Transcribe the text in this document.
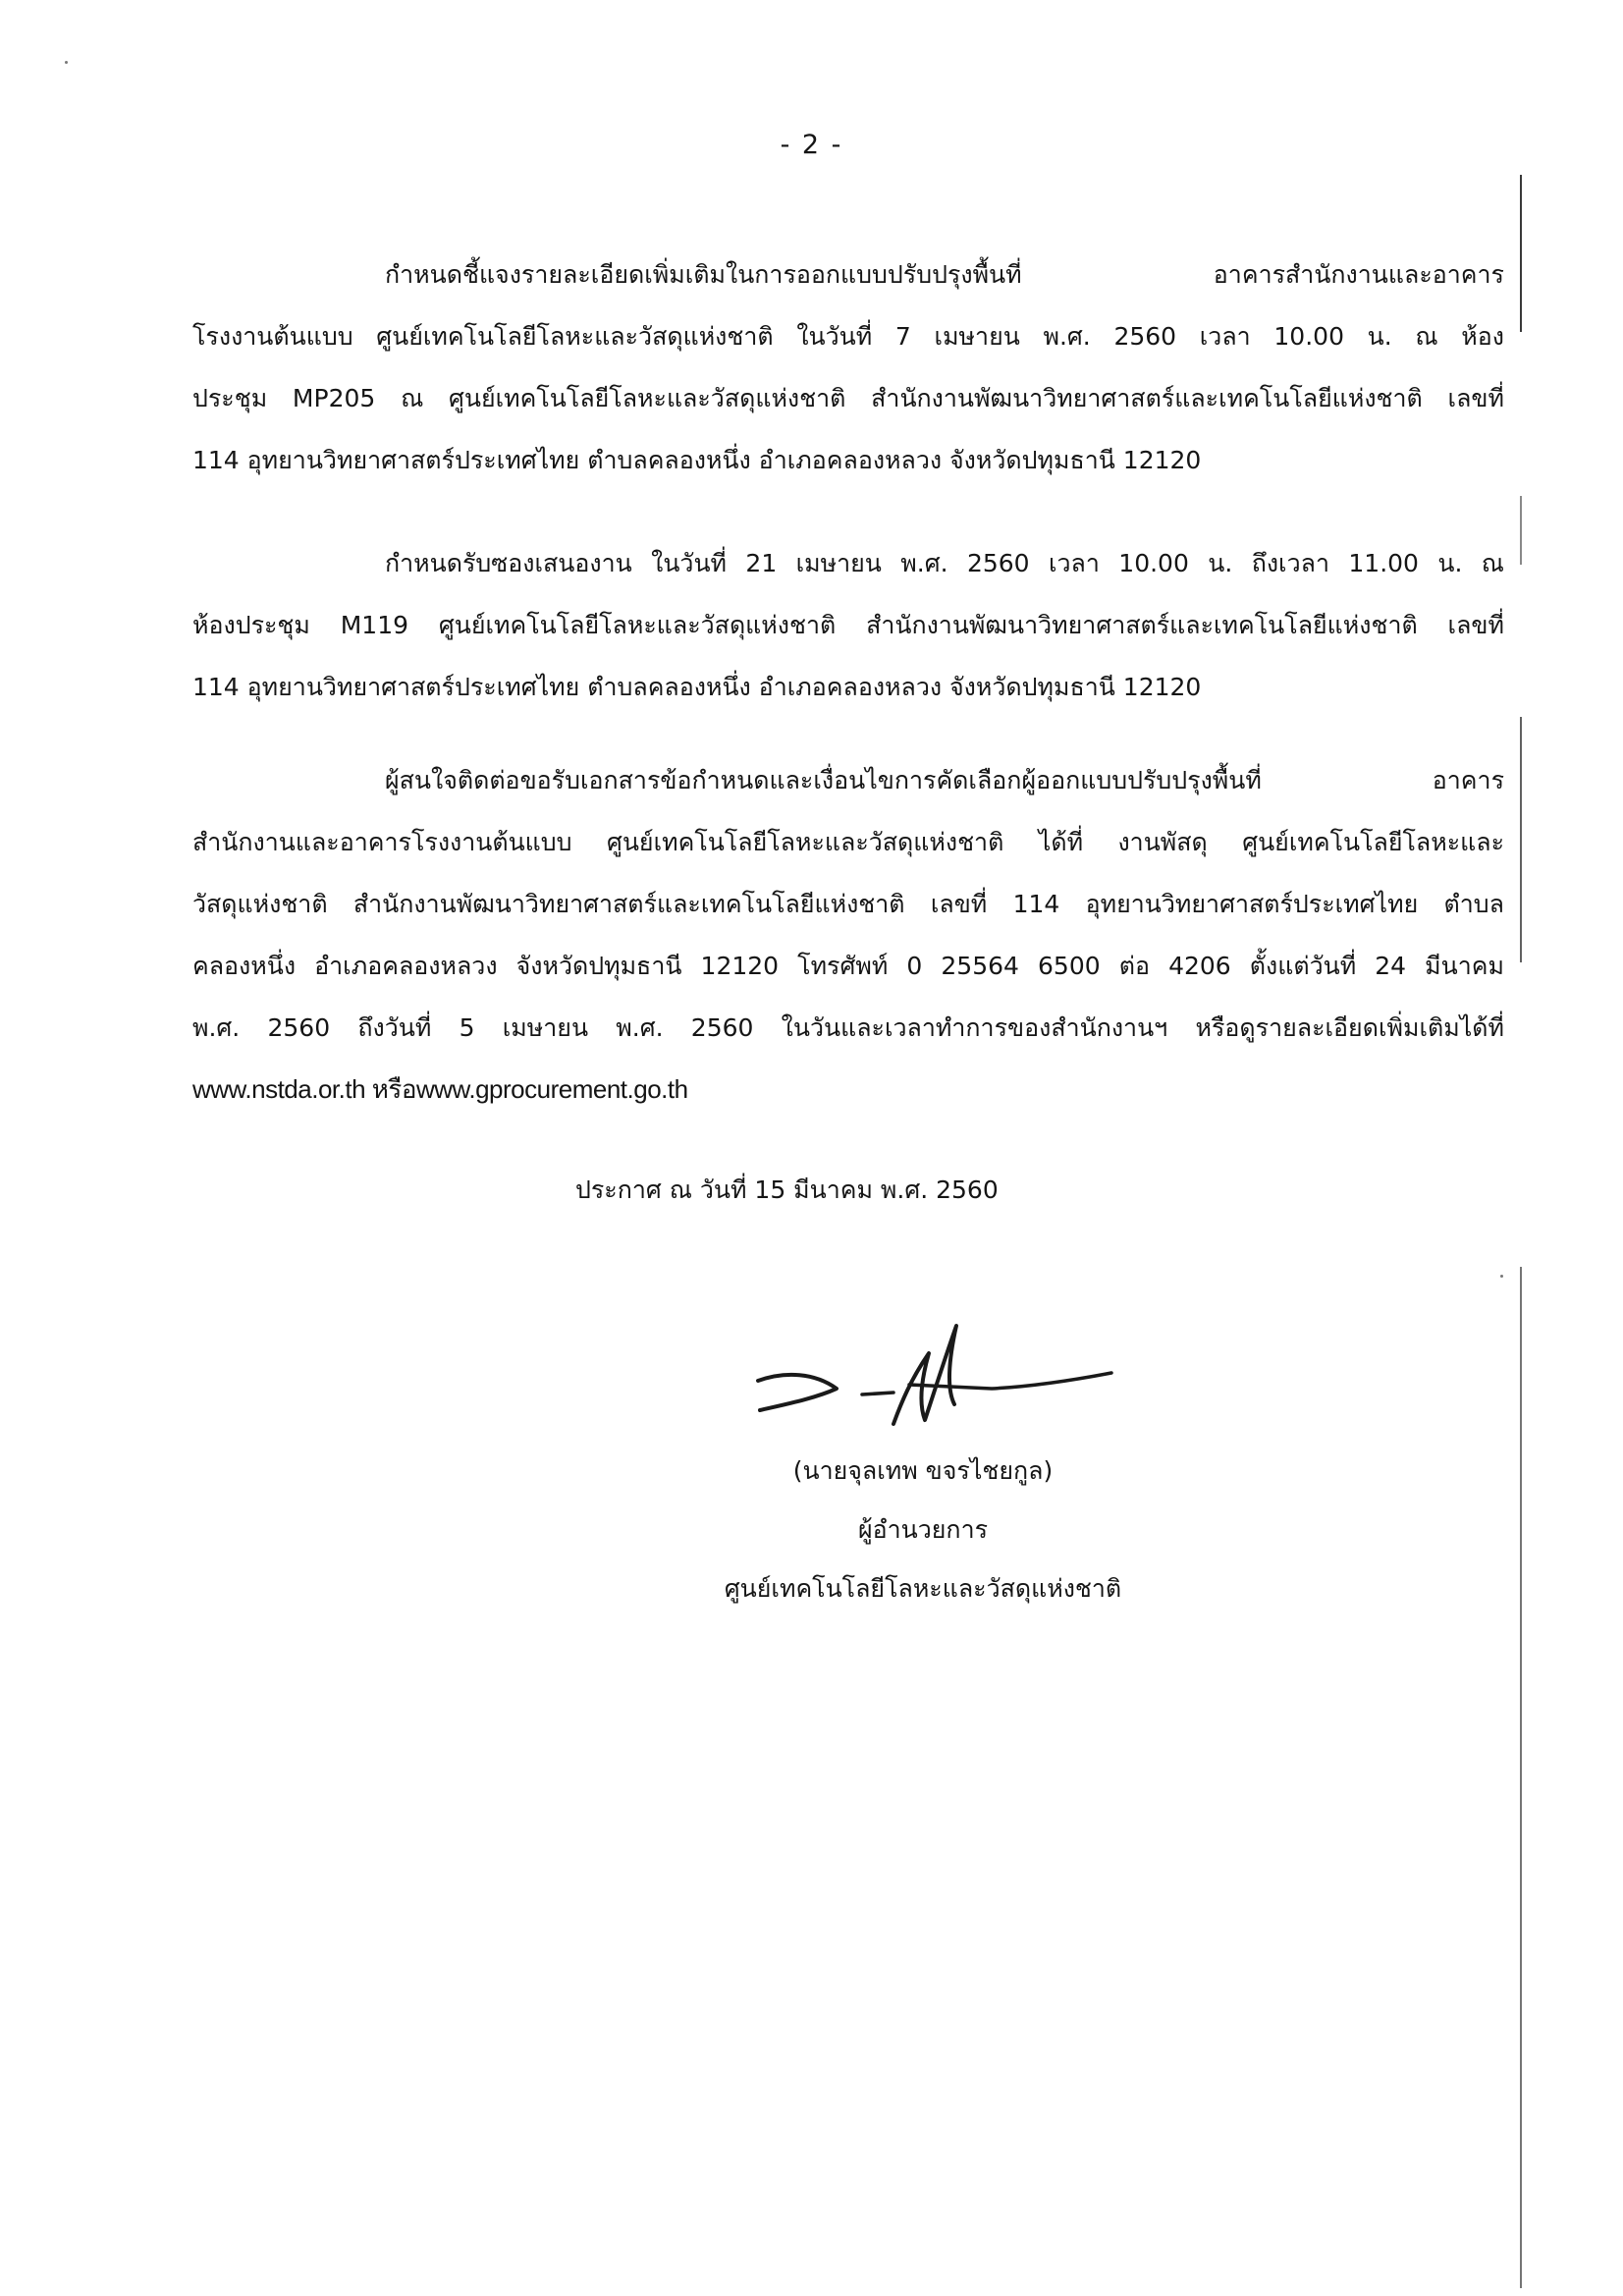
- 2 -
กำหนดชี้แจงรายละเอียดเพิ่มเติมในการออกแบบปรับปรุงพื้นที่ อาคารสำนักงานและอาคาร
โรงงานต้นแบบ ศูนย์เทคโนโลยีโลหะและวัสดุแห่งชาติ ในวันที่ 7 เมษายน พ.ศ. 2560 เวลา 10.00 น. ณ ห้อง
ประชุม MP205 ณ ศูนย์เทคโนโลยีโลหะและวัสดุแห่งชาติ สำนักงานพัฒนาวิทยาศาสตร์และเทคโนโลยีแห่งชาติ เลขที่
114 อุทยานวิทยาศาสตร์ประเทศไทย ตำบลคลองหนึ่ง อำเภอคลองหลวง จังหวัดปทุมธานี 12120
กำหนดรับซองเสนองาน ในวันที่ 21 เมษายน พ.ศ. 2560 เวลา 10.00 น. ถึงเวลา 11.00 น. ณ
ห้องประชุม M119 ศูนย์เทคโนโลยีโลหะและวัสดุแห่งชาติ สำนักงานพัฒนาวิทยาศาสตร์และเทคโนโลยีแห่งชาติ เลขที่
114 อุทยานวิทยาศาสตร์ประเทศไทย ตำบลคลองหนึ่ง อำเภอคลองหลวง จังหวัดปทุมธานี 12120
ผู้สนใจติดต่อขอรับเอกสารข้อกำหนดและเงื่อนไขการคัดเลือกผู้ออกแบบปรับปรุงพื้นที่ อาคาร
สำนักงานและอาคารโรงงานต้นแบบ ศูนย์เทคโนโลยีโลหะและวัสดุแห่งชาติ ได้ที่ งานพัสดุ ศูนย์เทคโนโลยีโลหะและ
วัสดุแห่งชาติ สำนักงานพัฒนาวิทยาศาสตร์และเทคโนโลยีแห่งชาติ เลขที่ 114 อุทยานวิทยาศาสตร์ประเทศไทย ตำบล
คลองหนึ่ง อำเภอคลองหลวง จังหวัดปทุมธานี 12120 โทรศัพท์ 0 25564 6500 ต่อ 4206 ตั้งแต่วันที่ 24 มีนาคม
พ.ศ. 2560 ถึงวันที่ 5 เมษายน พ.ศ. 2560 ในวันและเวลาทำการของสำนักงานฯ หรือดูรายละเอียดเพิ่มเติมได้ที่
www.nstda.or.th หรือwww.gprocurement.go.th
ประกาศ ณ วันที่ 15 มีนาคม พ.ศ. 2560
(นายจุลเทพ ขจรไชยกูล)
ผู้อำนวยการ
ศูนย์เทคโนโลยีโลหะและวัสดุแห่งชาติ
